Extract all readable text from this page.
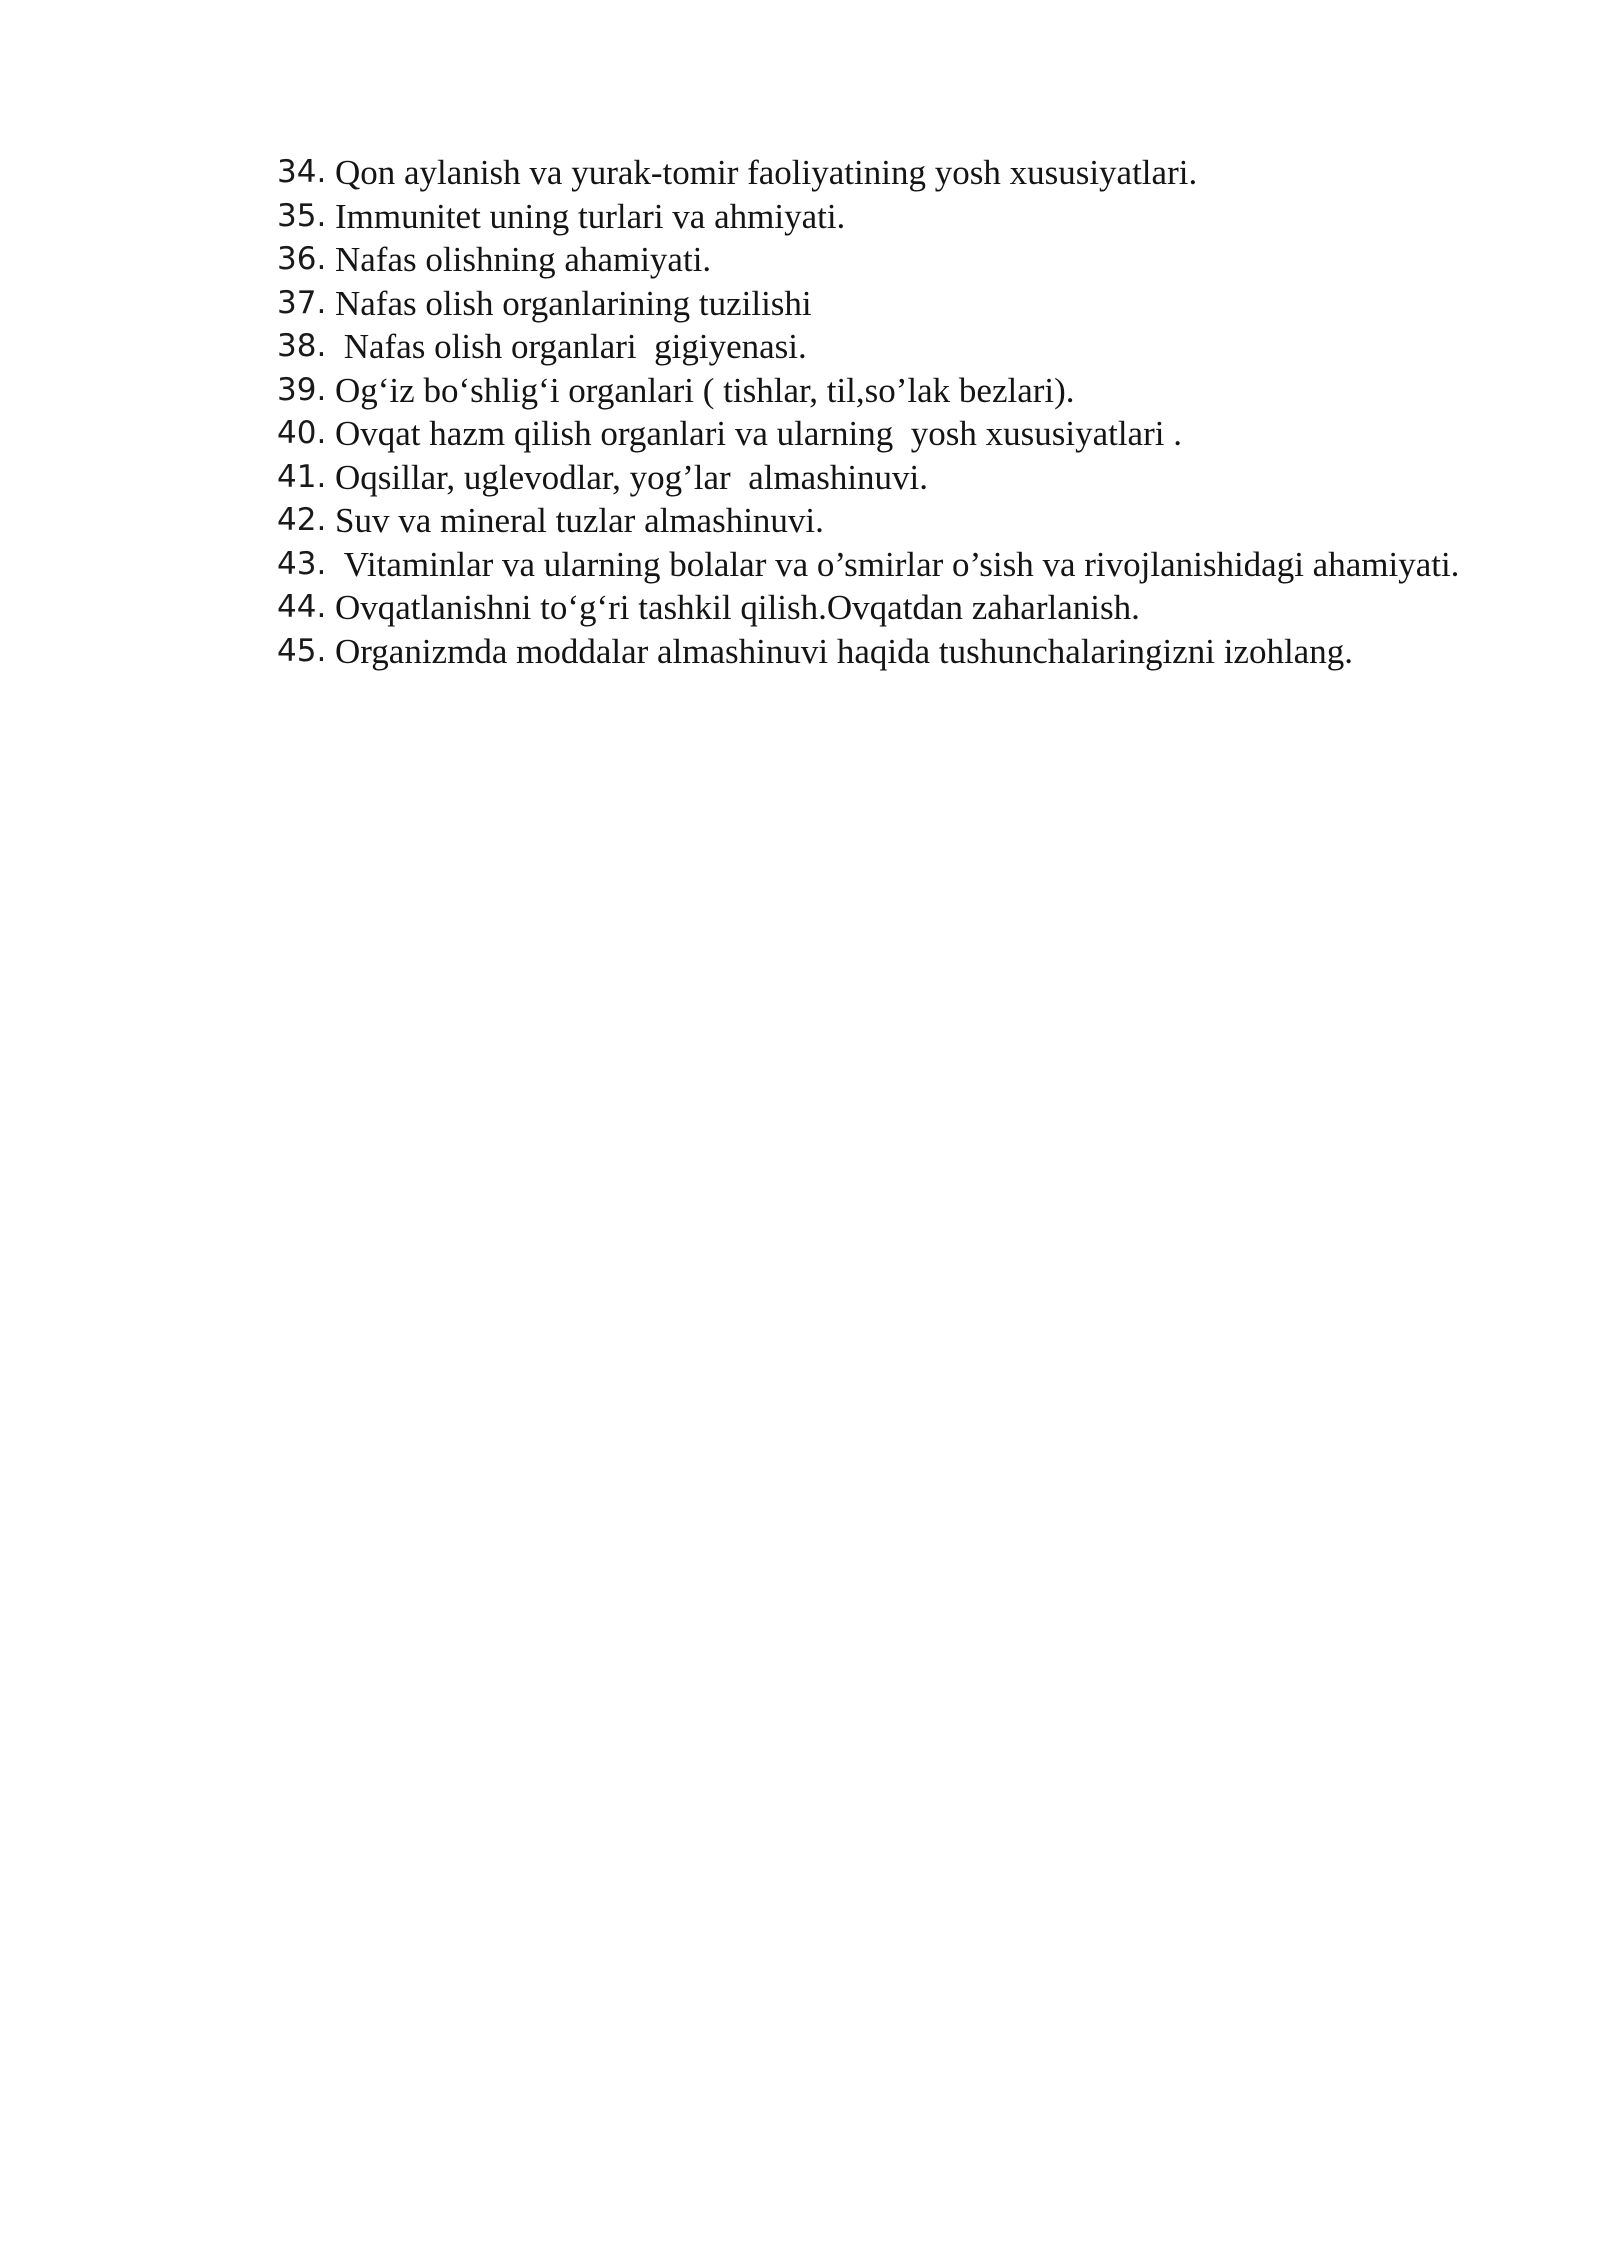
34. Qon aylanish va yurak-tomir faoliyatining yosh xususiyatlari.
35. Immunitet uning turlari va ahmiyati.
36. Nafas olishning ahamiyati.
37. Nafas olish organlarining tuzilishi
38. Nafas olish organlari  gigiyenasi.
39. Og‘iz bo‘shlig‘i organlari ( tishlar, til,so’lak bezlari).
40. Ovqat hazm qilish organlari va ularning  yosh xususiyatlari .
41. Oqsillar, uglevodlar, yog’lar  almashinuvi.
42. Suv va mineral tuzlar almashinuvi.
43. Vitaminlar va ularning bolalar va o’smirlar o’sish va rivojlanishidagi ahamiyati.
44. Ovqatlanishni to‘g‘ri tashkil qilish.Ovqatdan zaharlanish.
45. Organizmda moddalar almashinuvi haqida tushunchalaringizni izohlang.
